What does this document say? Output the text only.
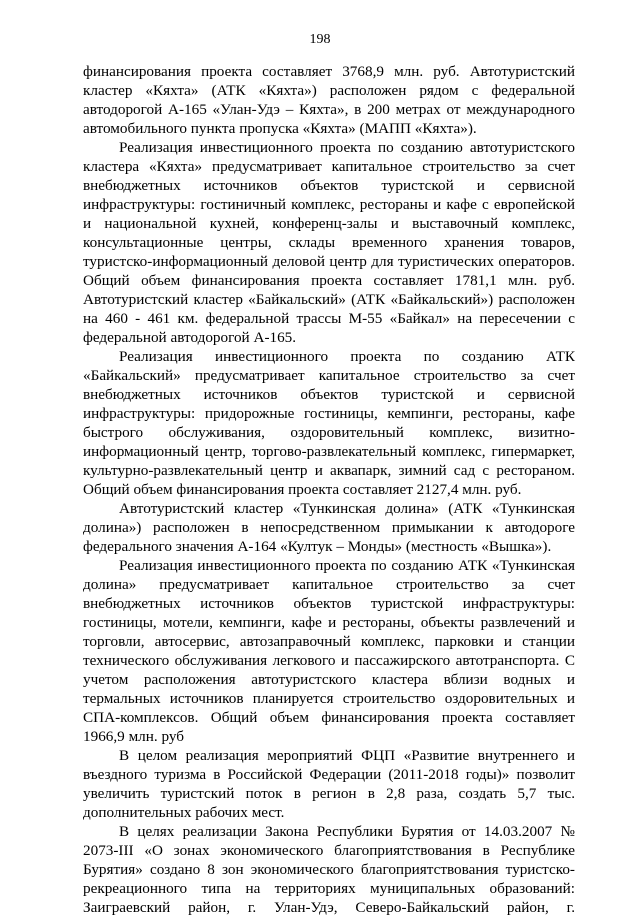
198

финансирования проекта составляет 3768,9 млн. руб. Автотуристский кластер «Кяхта» (АТК «Кяхта») расположен рядом с федеральной автодорогой А-165 «Улан-Удэ – Кяхта», в 200 метрах от международного автомобильного пункта пропуска «Кяхта» (МАПП «Кяхта»).

Реализация инвестиционного проекта по созданию автотуристского кластера «Кяхта» предусматривает капитальное строительство за счет внебюджетных источников объектов туристской и сервисной инфраструктуры: гостиничный комплекс, рестораны и кафе с европейской и национальной кухней, конференц-залы и выставочный комплекс, консультационные центры, склады временного хранения товаров, туристско-информационный деловой центр для туристических операторов. Общий объем финансирования проекта составляет 1781,1 млн. руб. Автотуристский кластер «Байкальский» (АТК «Байкальский») расположен на 460 - 461 км. федеральной трассы М-55 «Байкал» на пересечении с федеральной автодорогой А-165.

Реализация инвестиционного проекта по созданию АТК «Байкальский» предусматривает капитальное строительство за счет внебюджетных источников объектов туристской и сервисной инфраструктуры: придорожные гостиницы, кемпинги, рестораны, кафе быстрого обслуживания, оздоровительный комплекс, визитно-информационный центр, торгово-развлекательный комплекс, гипермаркет, культурно-развлекательный центр и аквапарк, зимний сад с рестораном. Общий объем финансирования проекта составляет 2127,4 млн. руб.

Автотуристский кластер «Тункинская долина» (АТК «Тункинская долина») расположен в непосредственном примыкании к автодороге федерального значения А-164 «Култук – Монды» (местность «Вышка»).

Реализация инвестиционного проекта по созданию АТК «Тункинская долина» предусматривает капитальное строительство за счет внебюджетных источников объектов туристской инфраструктуры: гостиницы, мотели, кемпинги, кафе и рестораны, объекты развлечений и торговли, автосервис, автозаправочный комплекс, парковки и станции технического обслуживания легкового и пассажирского автотранспорта. С учетом расположения автотуристского кластера вблизи водных и термальных источников планируется строительство оздоровительных и СПА-комплексов. Общий объем финансирования проекта составляет 1966,9 млн. руб

В целом реализация мероприятий ФЦП «Развитие внутреннего и въездного туризма в Российской Федерации (2011-2018 годы)» позволит увеличить туристский поток в регион в 2,8 раза, создать 5,7 тыс. дополнительных рабочих мест.

В целях реализации Закона Республики Бурятия от 14.03.2007 № 2073-III «О зонах экономического благоприятствования в Республике Бурятия» создано 8 зон экономического благоприятствования туристско-рекреационного типа на территориях муниципальных образований: Заиграевский район, г. Улан-Удэ, Северо-Байкальский район, г.
